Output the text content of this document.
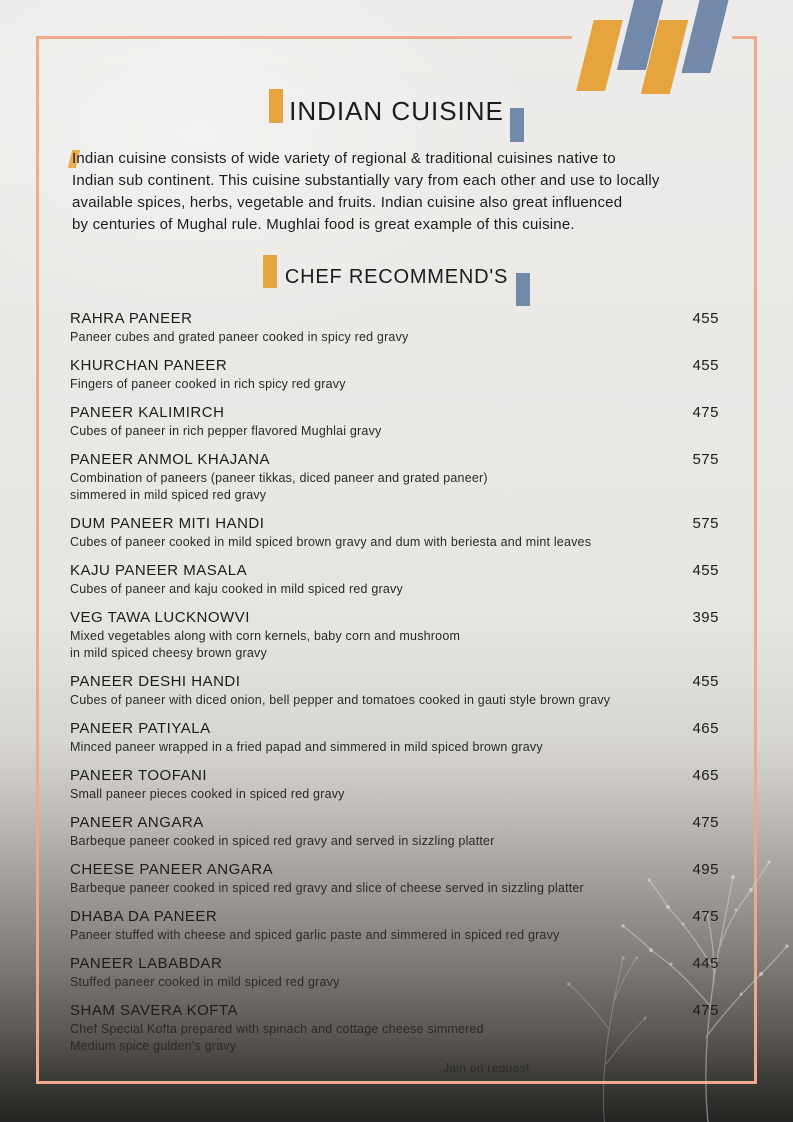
INDIAN CUISINE
Indian cuisine consists of wide variety of regional & traditional cuisines native to
Indian sub continent. This cuisine substantially vary from each other and use to locally
available spices, herbs, vegetable and fruits. Indian cuisine also great influenced
by centuries of Mughal rule. Mughlai food is great example of this cuisine.
CHEF RECOMMEND'S
RAHRA PANEER	455
Paneer cubes and grated paneer cooked in spicy red gravy
KHURCHAN PANEER	455
Fingers of paneer cooked in rich spicy red gravy
PANEER KALIMIRCH	475
Cubes of paneer in rich pepper flavored Mughlai gravy
PANEER ANMOL KHAJANA	575
Combination of paneers (paneer tikkas, diced paneer and grated paneer)
simmered in mild spiced red gravy
DUM PANEER MITI HANDI	575
Cubes of paneer cooked in mild spiced brown gravy and dum with beriesta and mint leaves
KAJU PANEER MASALA	455
Cubes of paneer and kaju cooked in mild spiced red gravy
VEG TAWA LUCKNOWVI	395
Mixed vegetables along with corn kernels, baby corn and mushroom
in mild spiced cheesy brown gravy
PANEER DESHI HANDI	455
Cubes of paneer with diced onion, bell pepper and tomatoes cooked in gauti style brown gravy
PANEER PATIYALA	465
Minced paneer wrapped in a fried papad and simmered in mild spiced brown gravy
PANEER TOOFANI	465
Small paneer pieces cooked in spiced red gravy
PANEER ANGARA	475
Barbeque paneer cooked in spiced red gravy and served in sizzling platter
CHEESE PANEER ANGARA	495
Barbeque paneer cooked in spiced red gravy and slice of cheese served in sizzling platter
DHABA DA PANEER	475
Paneer stuffed with cheese and spiced garlic paste and simmered in spiced red gravy
PANEER LABABDAR	445
Stuffed paneer cooked in mild spiced red gravy
SHAM SAVERA KOFTA	475
Chef Special Kofta prepared with spinach and cottage cheese simmered
Medium spice gulden's gravy
Jain on request
